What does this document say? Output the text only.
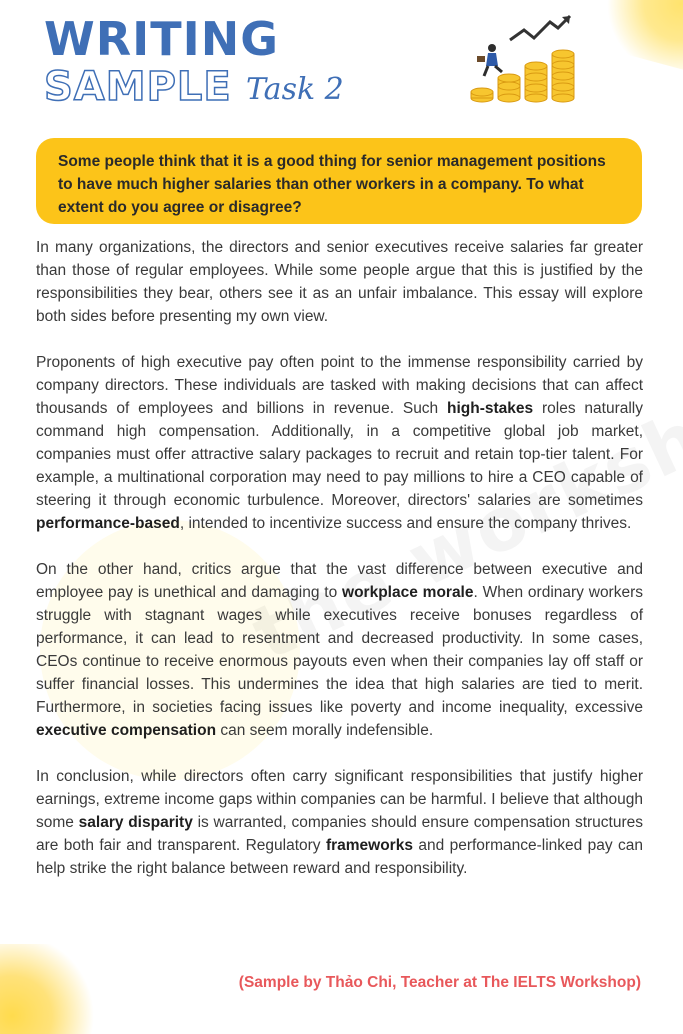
WRITING
SAMPLE Task 2
Some people think that it is a good thing for senior management positions to have much higher salaries than other workers in a company. To what extent do you agree or disagree?

In many organizations, the directors and senior executives receive salaries far greater than those of regular employees. While some people argue that this is justified by the responsibilities they bear, others see it as an unfair imbalance. This essay will explore both sides before presenting my own view.

Proponents of high executive pay often point to the immense responsibility carried by company directors. These individuals are tasked with making decisions that can affect thousands of employees and billions in revenue. Such high-stakes roles naturally command high compensation. Additionally, in a competitive global job market, companies must offer attractive salary packages to recruit and retain top-tier talent. For example, a multinational corporation may need to pay millions to hire a CEO capable of steering it through economic turbulence. Moreover, directors' salaries are sometimes performance-based, intended to incentivize success and ensure the company thrives.

On the other hand, critics argue that the vast difference between executive and employee pay is unethical and damaging to workplace morale. When ordinary workers struggle with stagnant wages while executives receive bonuses regardless of performance, it can lead to resentment and decreased productivity. In some cases, CEOs continue to receive enormous payouts even when their companies lay off staff or suffer financial losses. This undermines the idea that high salaries are tied to merit. Furthermore, in societies facing issues like poverty and income inequality, excessive executive compensation can seem morally indefensible.

In conclusion, while directors often carry significant responsibilities that justify higher earnings, extreme income gaps within companies can be harmful. I believe that although some salary disparity is warranted, companies should ensure compensation structures are both fair and transparent. Regulatory frameworks and performance-linked pay can help strike the right balance between reward and responsibility.

(Sample by Thảo Chi, Teacher at The IELTS Workshop)
